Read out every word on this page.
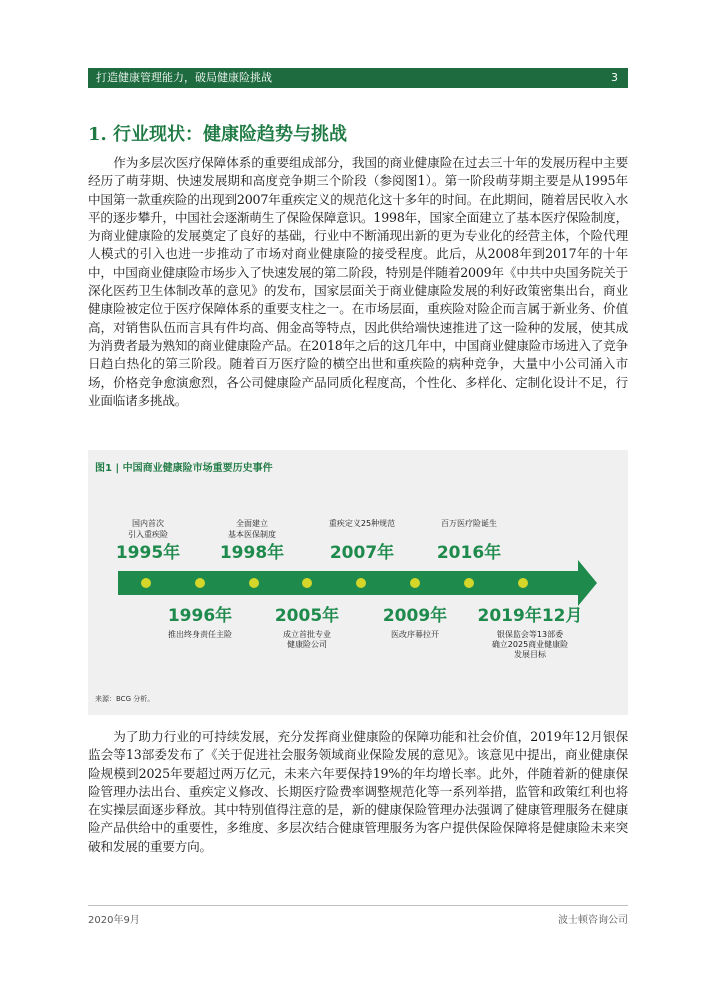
打造健康管理能力，破局健康险挑战	3
1. 行业现状：健康险趋势与挑战
作为多层次医疗保障体系的重要组成部分，我国的商业健康险在过去三十年的发展历程中主要经历了萌芽期、快速发展期和高度竞争期三个阶段（参阅图1）。第一阶段萌芽期主要是从1995年中国第一款重疾险的出现到2007年重疾定义的规范化这十多年的时间。在此期间，随着居民收入水平的逐步攀升，中国社会逐渐萌生了保险保障意识。1998年，国家全面建立了基本医疗保险制度，为商业健康险的发展奠定了良好的基础，行业中不断涌现出新的更为专业化的经营主体，个险代理人模式的引入也进一步推动了市场对商业健康险的接受程度。此后，从2008年到2017年的十年中，中国商业健康险市场步入了快速发展的第二阶段，特别是伴随着2009年《中共中央国务院关于深化医药卫生体制改革的意见》的发布，国家层面关于商业健康险发展的利好政策密集出台，商业健康险被定位于医疗保障体系的重要支柱之一。在市场层面，重疾险对险企而言属于新业务、价值高，对销售队伍而言具有件均高、佣金高等特点，因此供给端快速推进了这一险种的发展，使其成为消费者最为熟知的商业健康险产品。在2018年之后的这几年中，中国商业健康险市场进入了竞争日趋白热化的第三阶段。随着百万医疗险的横空出世和重疾险的病种竞争，大量中小公司涌入市场，价格竞争愈演愈烈，各公司健康险产品同质化程度高，个性化、多样化、定制化设计不足，行业面临诸多挑战。
图1 | 中国商业健康险市场重要历史事件
国内首次
引入重疾险
1995年
全面建立
基本医保制度
1998年
重疾定义25种规范
2007年
百万医疗险诞生
2016年
1996年
推出终身责任主险
2005年
成立首批专业
健康险公司
2009年
医改序幕拉开
2019年12月
银保监会等13部委
确立2025商业健康险
发展目标
来源：BCG 分析。
为了助力行业的可持续发展，充分发挥商业健康险的保障功能和社会价值，2019年12月银保监会等13部委发布了《关于促进社会服务领域商业保险发展的意见》。该意见中提出，商业健康保险规模到2025年要超过两万亿元，未来六年要保持19%的年均增长率。此外，伴随着新的健康保险管理办法出台、重疾定义修改、长期医疗险费率调整规范化等一系列举措，监管和政策红利也将在实操层面逐步释放。其中特别值得注意的是，新的健康保险管理办法强调了健康管理服务在健康险产品供给中的重要性，多维度、多层次结合健康管理服务为客户提供保险保障将是健康险未来突破和发展的重要方向。
2020年9月	波士顿咨询公司
